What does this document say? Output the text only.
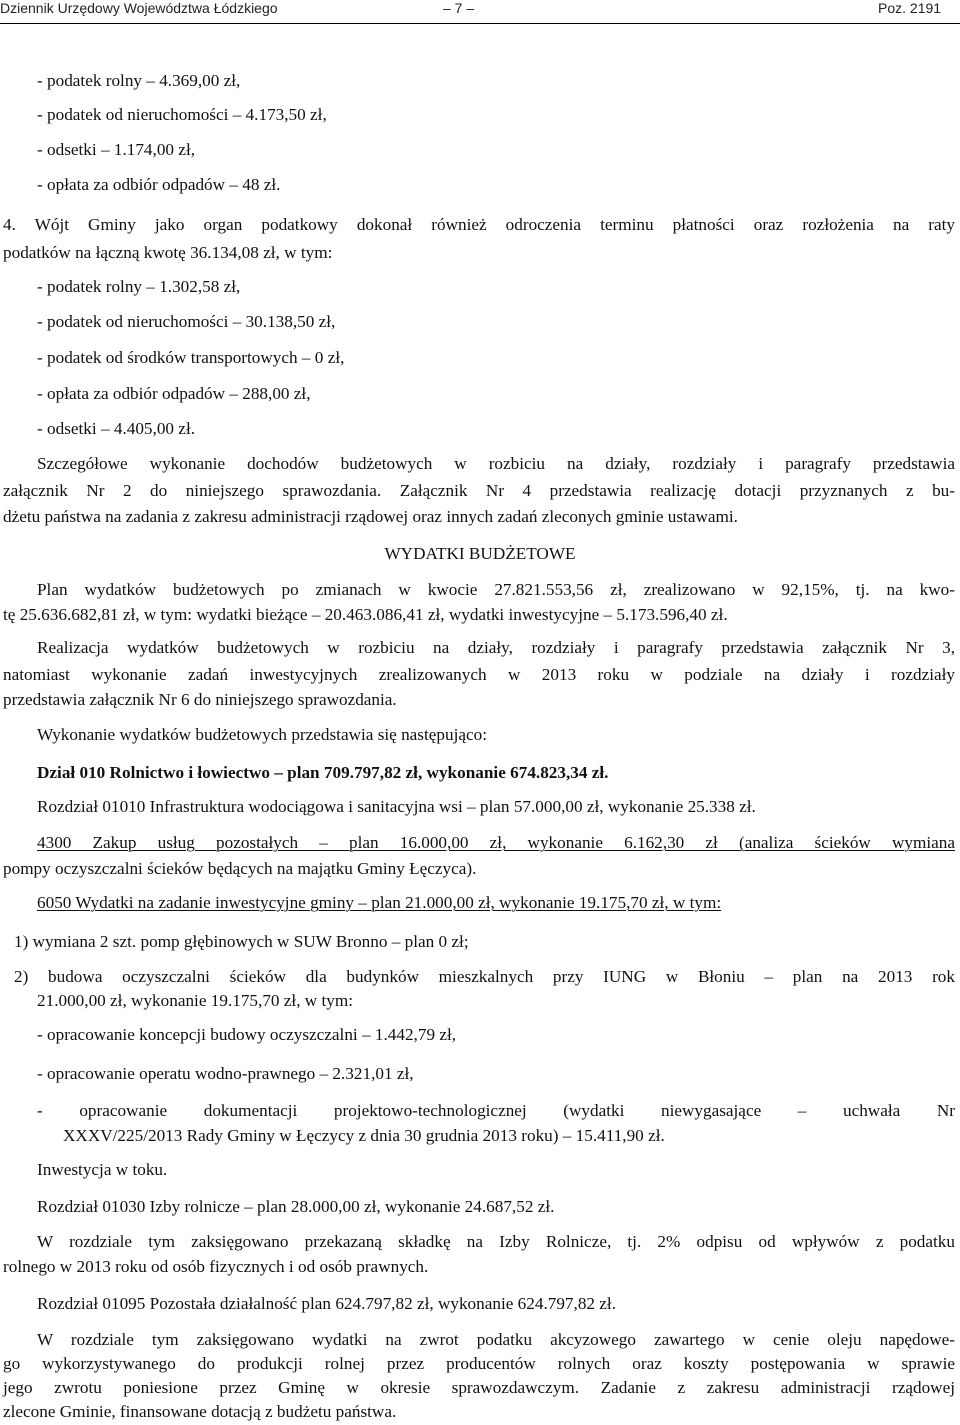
Dziennik Urzędowy Województwa Łódzkiego	– 7 –	Poz. 2191
- podatek rolny – 4.369,00 zł,
- podatek od nieruchomości – 4.173,50 zł,
- odsetki – 1.174,00 zł,
- opłata za odbiór odpadów – 48 zł.
4. Wójt Gminy jako organ podatkowy dokonał również odroczenia terminu płatności oraz rozłożenia na raty
podatków na łączną kwotę 36.134,08 zł, w tym:
- podatek rolny – 1.302,58 zł,
- podatek od nieruchomości – 30.138,50 zł,
- podatek od środków transportowych – 0 zł,
- opłata za odbiór odpadów – 288,00 zł,
- odsetki – 4.405,00 zł.
Szczegółowe wykonanie dochodów budżetowych w rozbiciu na działy, rozdziały i paragrafy przedstawia
załącznik Nr 2 do niniejszego sprawozdania. Załącznik Nr 4 przedstawia realizację dotacji przyznanych z bu-
dżetu państwa na zadania z zakresu administracji rządowej oraz innych zadań zleconych gminie ustawami.
WYDATKI BUDŻETOWE
Plan wydatków budżetowych po zmianach w kwocie 27.821.553,56 zł, zrealizowano w 92,15%, tj. na kwo-
tę 25.636.682,81 zł, w tym: wydatki bieżące – 20.463.086,41 zł, wydatki inwestycyjne – 5.173.596,40 zł.
Realizacja wydatków budżetowych w rozbiciu na działy, rozdziały i paragrafy przedstawia załącznik Nr 3,
natomiast wykonanie zadań inwestycyjnych zrealizowanych w 2013 roku w podziale na działy i rozdziały
przedstawia załącznik Nr 6 do niniejszego sprawozdania.
Wykonanie wydatków budżetowych przedstawia się następująco:
Dział 010 Rolnictwo i łowiectwo – plan 709.797,82 zł, wykonanie 674.823,34 zł.
Rozdział 01010 Infrastruktura wodociągowa i sanitacyjna wsi – plan 57.000,00 zł, wykonanie 25.338 zł.
4300 Zakup usług pozostałych – plan 16.000,00 zł, wykonanie 6.162,30 zł (analiza ścieków wymiana
pompy oczyszczalni ścieków będących na majątku Gminy Łęczyca).
6050 Wydatki na zadanie inwestycyjne gminy – plan 21.000,00 zł, wykonanie 19.175,70 zł, w tym:
1) wymiana 2 szt. pomp głębinowych w SUW Bronno – plan 0 zł;
2) budowa oczyszczalni ścieków dla budynków mieszkalnych przy IUNG w Błoniu – plan na 2013 rok
21.000,00 zł, wykonanie 19.175,70 zł, w tym:
- opracowanie koncepcji budowy oczyszczalni – 1.442,79 zł,
- opracowanie operatu wodno-prawnego – 2.321,01 zł,
- opracowanie dokumentacji projektowo-technologicznej (wydatki niewygasające – uchwała Nr
XXXV/225/2013 Rady Gminy w Łęczycy z dnia 30 grudnia 2013 roku) – 15.411,90 zł.
Inwestycja w toku.
Rozdział 01030 Izby rolnicze – plan 28.000,00 zł, wykonanie 24.687,52 zł.
W rozdziale tym zaksięgowano przekazaną składkę na Izby Rolnicze, tj. 2% odpisu od wpływów z podatku
rolnego w 2013 roku od osób fizycznych i od osób prawnych.
Rozdział 01095 Pozostała działalność plan 624.797,82 zł, wykonanie 624.797,82 zł.
W rozdziale tym zaksięgowano wydatki na zwrot podatku akcyzowego zawartego w cenie oleju napędowe-
go wykorzystywanego do produkcji rolnej przez producentów rolnych oraz koszty postępowania w sprawie
jego zwrotu poniesione przez Gminę w okresie sprawozdawczym. Zadanie z zakresu administracji rządowej
zlecone Gminie, finansowane dotacją z budżetu państwa.
